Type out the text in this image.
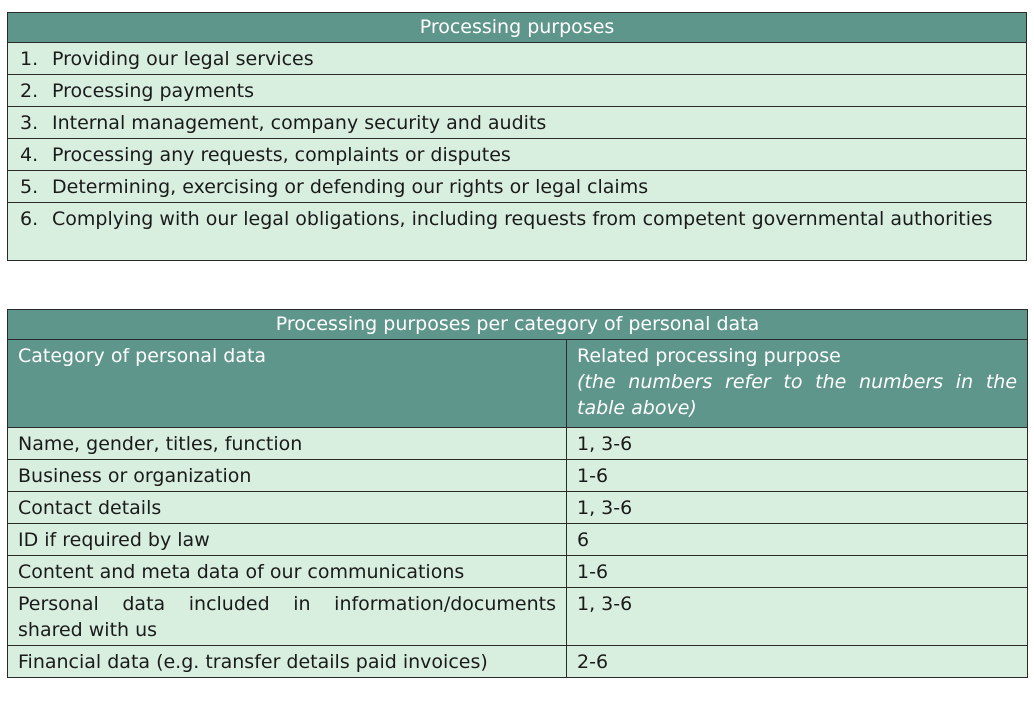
Processing purposes

1. Providing our legal services

2. Processing payments

3. Internal management, company security and audits

4. Processing any requests, complaints or disputes

5. Determining, exercising or defending our rights or legal claims

6. Complying with our legal obligations, including requests from competent governmental authorities
Processing purposes per category of personal data	
Category of personal data	Related processing purpose
(the numbers refer to the numbers in the table above)

Name, gender, titles, function	1, 3-6
Business or organization	1-6
Contact details	1, 3-6
ID if required by law	6
Content and meta data of our communications	1-6
Personal data included in information/documents shared with us	1, 3-6
Financial data (e.g. transfer details paid invoices)	2-6
